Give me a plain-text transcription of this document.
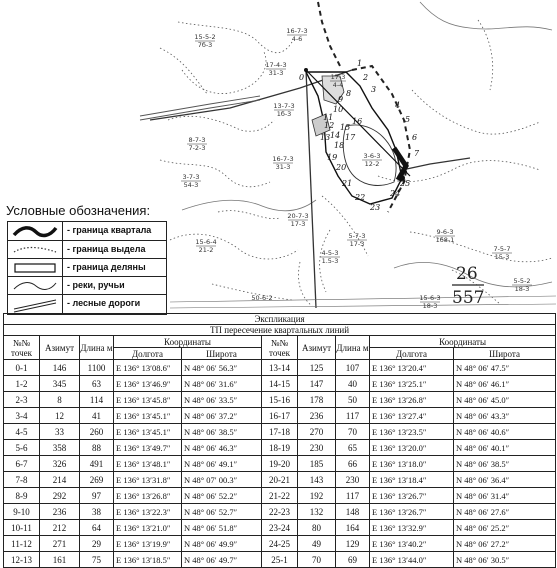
15-5-2
7б-3
16-7-3
4-6
17-4-3
31-3	17-3
4-4
13-7-3
1б-3
8-7-3
7-2-3
16-7-3
31-3
3-7-3
54-3
3-6-3
12-2
20-7-3
17-3
15-6-4
21-2	4-5-3
1.5-3
5-7-3
17-3
9-6-3
1б8-1
7-5-7
15-3
15-6-3
18-3
5-5-2
18-3
50-6-2
0
1
2
3
4
5
6
7
8
9
10
11
12
13 14
15
16
17
18
19
20
21
22
23
24
25
26
557
Условные обозначения:
- граница квартала
- граница выдела
- граница деляны
- реки, ручьи
- лесные дороги
Экспликация									
ТП пересечение квартальных линий									
№№ точек	Азимут	Длина м	Координаты		№№ точек	Азимут	Длина м	Координаты	
			Долгота	Широта				Долгота	Широта
0-1	146	1100	E 136° 13′08.6″	N 48° 06′ 56.3″	13-14	125	107	E 136° 13′20.4″	N 48° 06′ 47.5″
1-2	345	63	E 136° 13′46.9″	N 48° 06′ 31.6″	14-15	147	40	E 136° 13′25.1″	N 48° 06′ 46.1″
2-3	8	114	E 136° 13′45.8″	N 48° 06′ 33.5″	15-16	178	50	E 136° 13′26.8″	N 48° 06′ 45.0″
3-4	12	41	E 136° 13′45.1″	N 48° 06′ 37.2″	16-17	236	117	E 136° 13′27.4″	N 48° 06′ 43.3″
4-5	33	260	E 136° 13′45.1″	N 48° 06′ 38.5″	17-18	270	70	E 136° 13′23.5″	N 48° 06′ 40.6″
5-6	358	88	E 136° 13′49.7″	N 48° 06′ 46.3″	18-19	230	65	E 136° 13′20.0″	N 48° 06′ 40.1″
6-7	326	491	E 136° 13′48.1″	N 48° 06′ 49.1″	19-20	185	66	E 136° 13′18.0″	N 48° 06′ 38.5″
7-8	214	269	E 136° 13′31.8″	N 48° 07′ 00.3″	20-21	143	230	E 136° 13′18.4″	N 48° 06′ 36.4″
8-9	292	97	E 136° 13′26.8″	N 48° 06′ 52.2″	21-22	192	117	E 136° 13′26.7″	N 48° 06′ 31.4″
9-10	236	38	E 136° 13′22.3″	N 48° 06′ 52.7″	22-23	132	148	E 136° 13′26.7″	N 48° 06′ 27.6″
10-11	212	64	E 136° 13′21.0″	N 48° 06′ 51.8″	23-24	80	164	E 136° 13′32.9″	N 48° 06′ 25.2″
11-12	271	29	E 136° 13′19.9″	N 48° 06′ 49.9″	24-25	49	129	E 136° 13′40.2″	N 48° 06′ 27.2″
12-13	161	75	E 136° 13′18.5″	N 48° 06′ 49.7″	25-1	70	69	E 136° 13′44.0″	N 48° 06′ 30.5″
